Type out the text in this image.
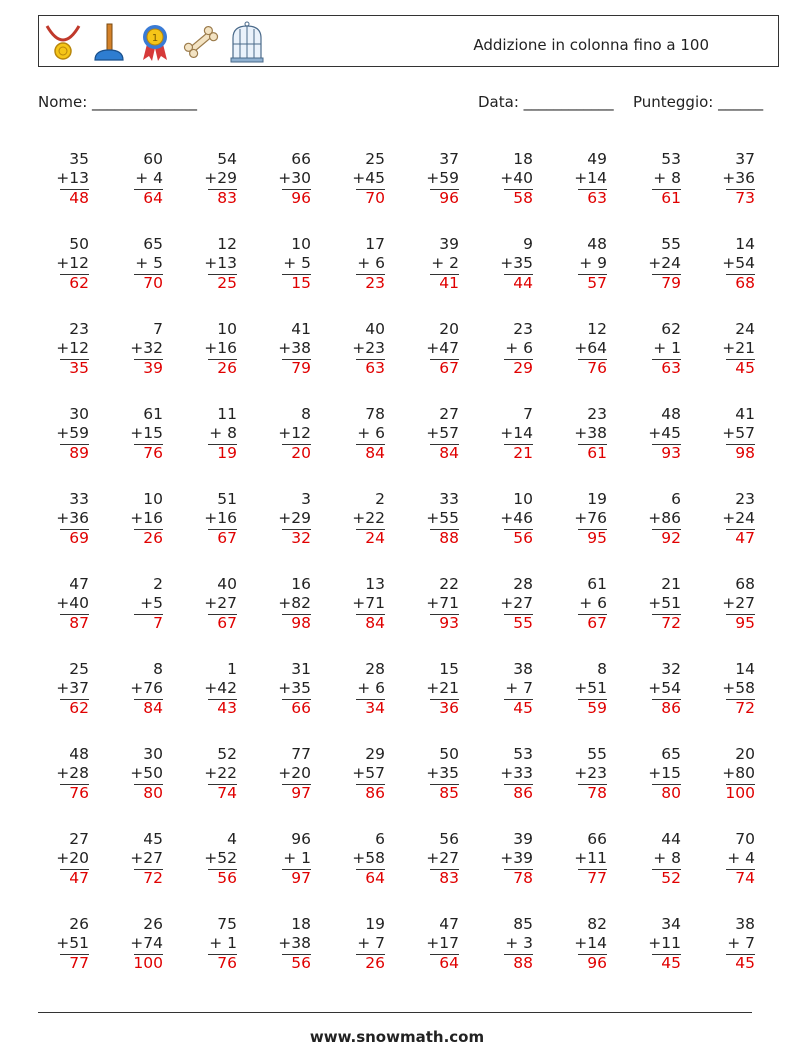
1	Addizione in colonna fino a 100
Nome: ______________	Data: ____________ Punteggio: ______
35
+13
48
60
+ 4
64
54
+29
83
66
+30
96
25
+45
70
37
+59
96
18
+40
58
49
+14
63
53
+ 8
61
37
+36
73
50
+12
62
65
+ 5
70
12
+13
25
10
+ 5
15
17
+ 6
23
39
+ 2
41
9
+35
44
48
+ 9
57
55
+24
79
14
+54
68
23
+12
35
7
+32
39
10
+16
26
41
+38
79
40
+23
63
20
+47
67
23
+ 6
29
12
+64
76
62
+ 1
63
24
+21
45
30
+59
89
61
+15
76
11
+ 8
19
8
+12
20
78
+ 6
84
27
+57
84
7
+14
21
23
+38
61
48
+45
93
41
+57
98
33
+36
69
10
+16
26
51
+16
67
3
+29
32
2
+22
24
33
+55
88
10
+46
56
19
+76
95
6
+86
92
23
+24
47
47
+40
87
2
+5
7
40
+27
67
16
+82
98
13
+71
84
22
+71
93
28
+27
55
61
+ 6
67
21
+51
72
68
+27
95
25
+37
62
8
+76
84
1
+42
43
31
+35
66
28
+ 6
34
15
+21
36
38
+ 7
45
8
+51
59
32
+54
86
14
+58
72
48
+28
76
30
+50
80
52
+22
74
77
+20
97
29
+57
86
50
+35
85
53
+33
86
55
+23
78
65
+15
80
20
+80
100
27
+20
47
45
+27
72
4
+52
56
96
+ 1
97
6
+58
64
56
+27
83
39
+39
78
66
+11
77
44
+ 8
52
70
+ 4
74
26
+51
77
26
+74
100
75
+ 1
76
18
+38
56
19
+ 7
26
47
+17
64
85
+ 3
88
82
+14
96
34
+11
45
38
+ 7
45
www.snowmath.com
